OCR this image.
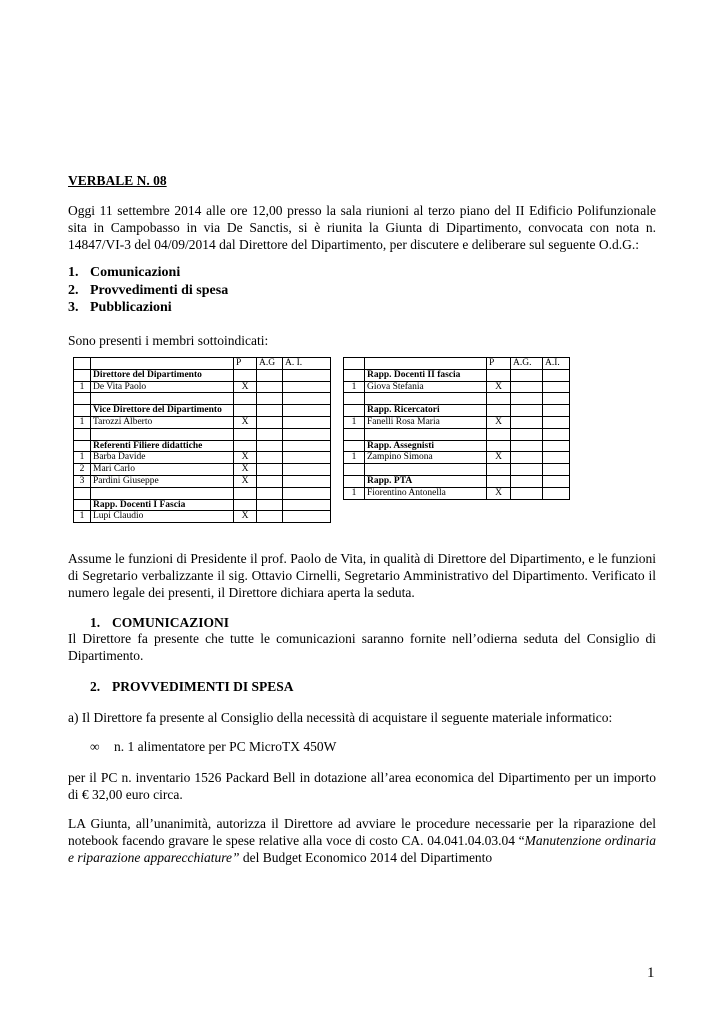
VERBALE N. 08
Oggi 11 settembre 2014 alle ore 12,00 presso la sala riunioni al terzo piano del II Edificio Polifunzionale sita in Campobasso in via De Sanctis, si è riunita la Giunta di Dipartimento, convocata con nota n. 14847/VI-3 del 04/09/2014 dal Direttore del Dipartimento, per discutere e deliberare sul seguente O.d.G.:
1. Comunicazioni
2. Provvedimenti di spesa
3. Pubblicazioni
Sono presenti i membri sottoindicati:
		P	A.G	A. I.
	Direttore del Dipartimento			
1	De Vita Paolo	X		

	Vice Direttore del Dipartimento			
1	Tarozzi Alberto	X		

	Referenti Filiere didattiche			
1	Barba Davide	X		
2	Mari Carlo	X		
3	Pardini Giuseppe	X		

	Rapp. Docenti I Fascia			
1	Lupi Claudio	X		
		P	A.G.	A.I.
	Rapp. Docenti II fascia			
1	Giova Stefania	X		

	Rapp. Ricercatori			
1	Fanelli Rosa Maria	X		

	Rapp. Assegnisti			
1	Zampino Simona	X		

	Rapp. PTA			
1	Fiorentino Antonella	X		
Assume le funzioni di Presidente il prof. Paolo de Vita, in qualità di Direttore del Dipartimento, e le funzioni di Segretario verbalizzante il sig. Ottavio Cirnelli, Segretario Amministrativo del Dipartimento. Verificato il numero legale dei presenti, il Direttore dichiara aperta la seduta.
1. COMUNICAZIONI
Il Direttore fa presente che tutte le comunicazioni saranno fornite nell’odierna seduta del Consiglio di Dipartimento.
2. PROVVEDIMENTI DI SPESA
a) Il Direttore fa presente al Consiglio della necessità di acquistare il seguente materiale informatico:
∞ n. 1 alimentatore per PC MicroTX 450W
per il PC n. inventario 1526 Packard Bell in dotazione all’area economica del Dipartimento per un importo di € 32,00 euro circa.
LA Giunta, all’unanimità, autorizza il Direttore ad avviare le procedure necessarie per la riparazione del notebook facendo gravare le spese relative alla voce di costo CA. 04.041.04.03.04 “Manutenzione ordinaria e riparazione apparecchiature” del Budget Economico 2014 del Dipartimento
1
